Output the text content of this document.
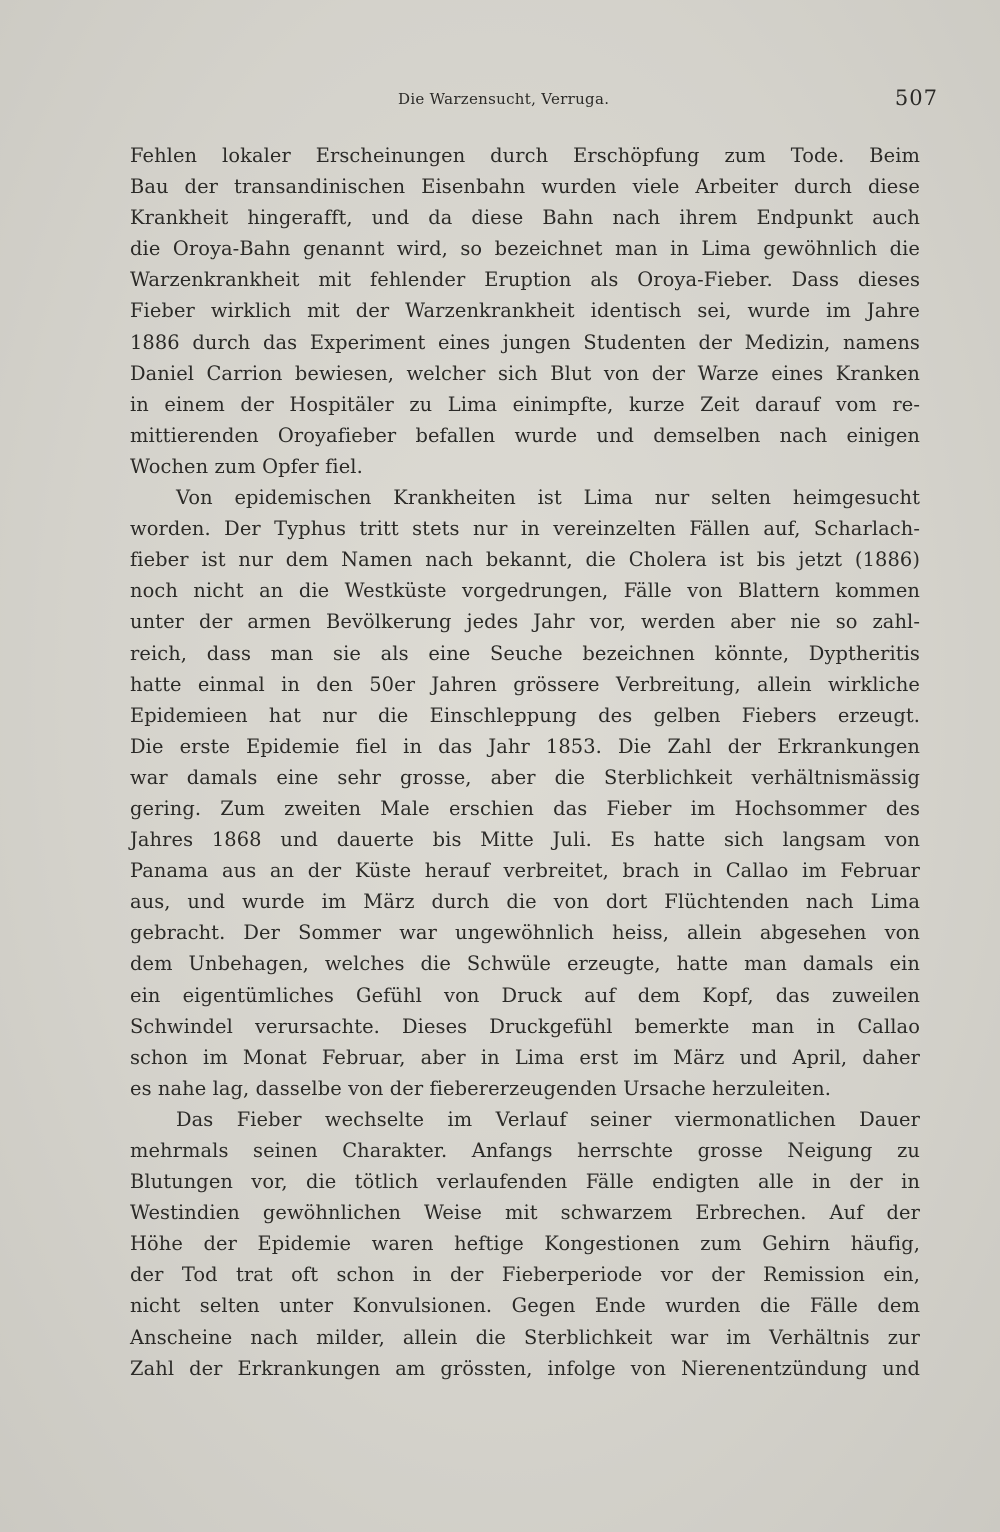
Die Warzensucht, Verruga.	507
Fehlen lokaler Erscheinungen durch Erschöpfung zum Tode. Beim
Bau der transandinischen Eisenbahn wurden viele Arbeiter durch diese
Krankheit hingerafft, und da diese Bahn nach ihrem Endpunkt auch
die Oroya-Bahn genannt wird, so bezeichnet man in Lima gewöhnlich die
Warzenkrankheit mit fehlender Eruption als Oroya-Fieber. Dass dieses
Fieber wirklich mit der Warzenkrankheit identisch sei, wurde im Jahre
1886 durch das Experiment eines jungen Studenten der Medizin, namens
Daniel Carrion bewiesen, welcher sich Blut von der Warze eines Kranken
in einem der Hospitäler zu Lima einimpfte, kurze Zeit darauf vom re-
mittierenden Oroyafieber befallen wurde und demselben nach einigen
Wochen zum Opfer fiel.
Von epidemischen Krankheiten ist Lima nur selten heimgesucht
worden. Der Typhus tritt stets nur in vereinzelten Fällen auf, Scharlach-
fieber ist nur dem Namen nach bekannt, die Cholera ist bis jetzt (1886)
noch nicht an die Westküste vorgedrungen, Fälle von Blattern kommen
unter der armen Bevölkerung jedes Jahr vor, werden aber nie so zahl-
reich, dass man sie als eine Seuche bezeichnen könnte, Dyptheritis
hatte einmal in den 50er Jahren grössere Verbreitung, allein wirkliche
Epidemieen hat nur die Einschleppung des gelben Fiebers erzeugt.
Die erste Epidemie fiel in das Jahr 1853. Die Zahl der Erkrankungen
war damals eine sehr grosse, aber die Sterblichkeit verhältnismässig
gering. Zum zweiten Male erschien das Fieber im Hochsommer des
Jahres 1868 und dauerte bis Mitte Juli. Es hatte sich langsam von
Panama aus an der Küste herauf verbreitet, brach in Callao im Februar
aus, und wurde im März durch die von dort Flüchtenden nach Lima
gebracht. Der Sommer war ungewöhnlich heiss, allein abgesehen von
dem Unbehagen, welches die Schwüle erzeugte, hatte man damals ein
ein eigentümliches Gefühl von Druck auf dem Kopf, das zuweilen
Schwindel verursachte. Dieses Druckgefühl bemerkte man in Callao
schon im Monat Februar, aber in Lima erst im März und April, daher
es nahe lag, dasselbe von der fiebererzeugenden Ursache herzuleiten.
Das Fieber wechselte im Verlauf seiner viermonatlichen Dauer
mehrmals seinen Charakter. Anfangs herrschte grosse Neigung zu
Blutungen vor, die tötlich verlaufenden Fälle endigten alle in der in
Westindien gewöhnlichen Weise mit schwarzem Erbrechen. Auf der
Höhe der Epidemie waren heftige Kongestionen zum Gehirn häufig,
der Tod trat oft schon in der Fieberperiode vor der Remission ein,
nicht selten unter Konvulsionen. Gegen Ende wurden die Fälle dem
Anscheine nach milder, allein die Sterblichkeit war im Verhältnis zur
Zahl der Erkrankungen am grössten, infolge von Nierenentzündung und
